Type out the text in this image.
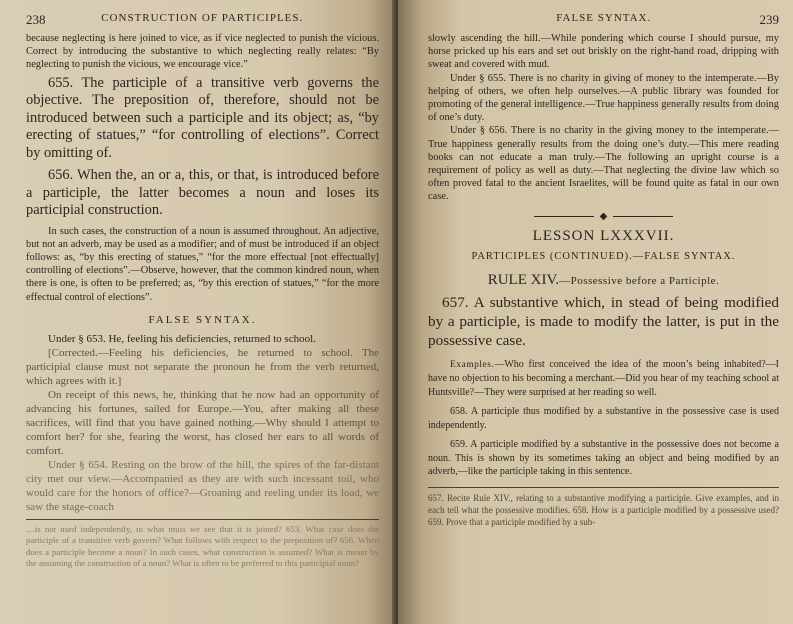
238	CONSTRUCTION OF PARTICIPLES.

because neglecting is here joined to vice, as if vice neglected to punish the vicious. Correct by introducing the substantive to which neglecting really relates: “By neglecting to punish the vicious, we encourage vice.”

655. The participle of a transitive verb governs the objective. The preposition of, therefore, should not be introduced between such a participle and its object; as, “by erecting of statues,” “for controlling of elections”. Correct by omitting of.

656. When the, an or a, this, or that, is introduced before a participle, the latter becomes a noun and loses its participial construction.

In such cases, the construction of a noun is assumed throughout. An adjective, but not an adverb, may be used as a modifier; and of must be introduced if an object follows: as, “by this erecting of statues,” “for the more effectual [not effectually] controlling of elections”.—Observe, however, that the common kindred noun, when there is one, is often to be preferred; as, “by this erection of statues,” “for the more effectual control of elections”.

FALSE SYNTAX.

Under § 653. He, feeling his deficiencies, returned to school.

[Corrected.—Feeling his deficiencies, he returned to school. The participial clause must not separate the pronoun he from the verb returned, which agrees with it.]

On receipt of this news, he, thinking that he now had an opportunity of advancing his fortunes, sailed for Europe.—You, after making all these sacrifices, will find that you have gained nothing.—Why should I attempt to comfort her? for she, fearing the worst, has closed her ears to all words of comfort.

Under § 654. Resting on the brow of the hill, the spires of the far-distant city met our view.—Accompanied as they are with such incessant toil, who would care for the honors of office?—Groaning and reeling under its load, we saw the stage-coach

…is not used independently, to what must we see that it is joined? 653. What case does the participle of a transitive verb govern? What follows with respect to the preposition of? 656. When does a participle become a noun? In such cases, what construction is assumed? What is meant by the assuming the construction of a noun? What is often to be preferred to this participial noun?

FALSE SYNTAX.	239

slowly ascending the hill.—While pondering which course I should pursue, my horse pricked up his ears and set out briskly on the right-hand road, dripping with sweat and covered with mud.

Under § 655. There is no charity in giving of money to the intemperate.—By helping of others, we often help ourselves.—A public library was founded for promoting of the general intelligence.—True happiness generally results from doing of one’s duty.

Under § 656. There is no charity in the giving money to the intemperate.—True happiness generally results from the doing one’s duty.—This mere reading books can not educate a man truly.—The following an upright course is a requirement of policy as well as duty.—That neglecting the divine law which so often proved fatal to the ancient Israelites, will be found quite as fatal in our own case.

◆
LESSON LXXXVII.
PARTICIPLES (CONTINUED).—FALSE SYNTAX.
RULE XIV.—Possessive before a Participle.

657. A substantive which, in stead of being modified by a participle, is made to modify the latter, is put in the possessive case.

Examples.—Who first conceived the idea of the moon’s being inhabited?—I have no objection to his becoming a merchant.—Did you hear of my teaching school at Huntsville?—They were surprised at her reading so well.

658. A participle thus modified by a substantive in the possessive case is used independently.

659. A participle modified by a substantive in the possessive does not become a noun. This is shown by its sometimes taking an object and being modified by an adverb,—like the participle taking in this sentence.

657. Recite Rule XIV., relating to a substantive modifying a participle. Give examples, and in each tell what the possessive modifies. 658. How is a participle modified by a possessive used? 659. Prove that a participle modified by a sub-
